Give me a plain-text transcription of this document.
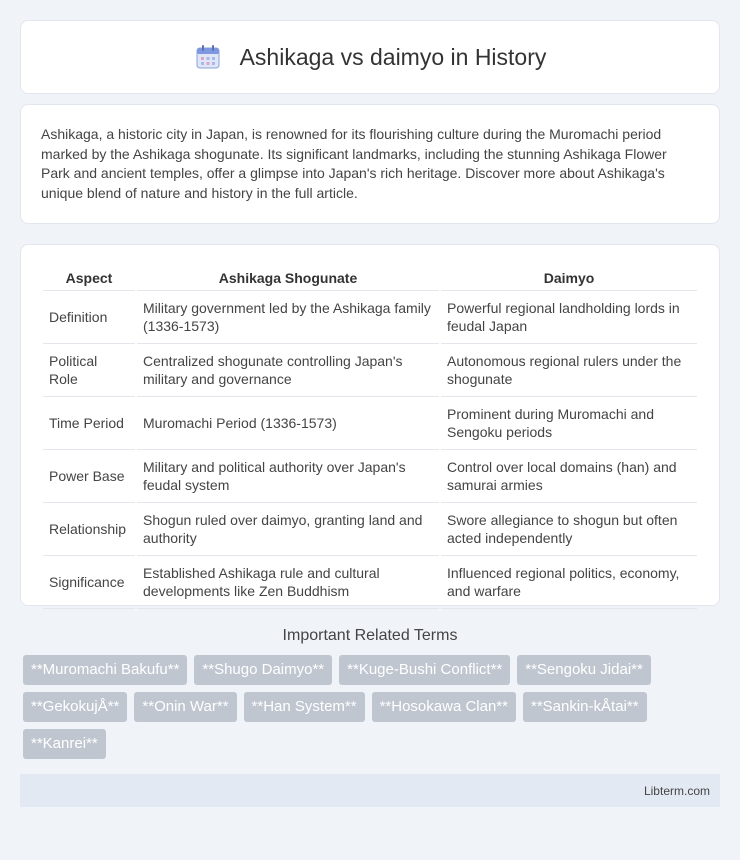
Ashikaga vs daimyo in History
Ashikaga, a historic city in Japan, is renowned for its flourishing culture during the Muromachi period marked by the Ashikaga shogunate. Its significant landmarks, including the stunning Ashikaga Flower Park and ancient temples, offer a glimpse into Japan's rich heritage. Discover more about Ashikaga's unique blend of nature and history in the full article.
Aspect	Ashikaga Shogunate	Daimyo
Definition	Military government led by the Ashikaga family (1336-1573)	Powerful regional landholding lords in feudal Japan
Political Role	Centralized shogunate controlling Japan's military and governance	Autonomous regional rulers under the shogunate
Time Period	Muromachi Period (1336-1573)	Prominent during Muromachi and Sengoku periods
Power Base	Military and political authority over Japan's feudal system	Control over local domains (han) and samurai armies
Relationship	Shogun ruled over daimyo, granting land and authority	Swore allegiance to shogun but often acted independently
Significance	Established Ashikaga rule and cultural developments like Zen Buddhism	Influenced regional politics, economy, and warfare
Important Related Terms
**Muromachi Bakufu**	**Shugo Daimyo**	**Kuge-Bushi Conflict**	**Sengoku Jidai**
**GekokujÅ**	**Onin War**	**Han System**	**Hosokawa Clan**	**Sankin-kÅtai**
**Kanrei**
Libterm.com
